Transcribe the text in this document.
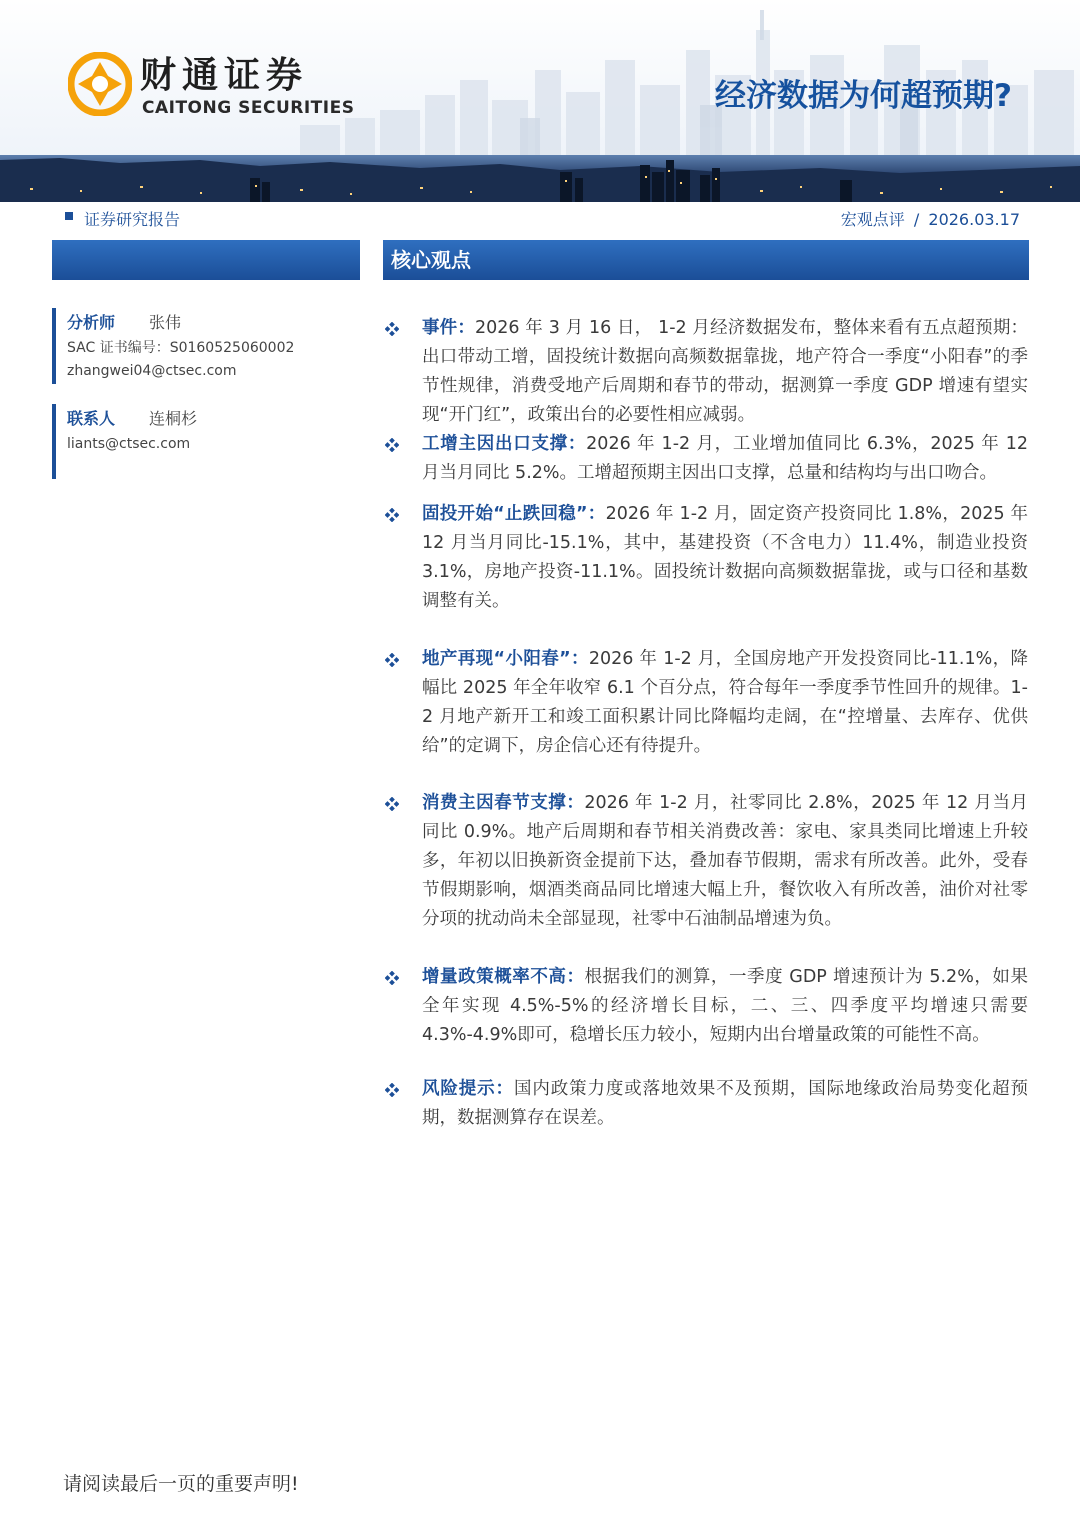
财通证券
CAITONG SECURITIES	经济数据为何超预期?
证券研究报告	宏观点评 / 2026.03.17
核心观点
分析师 张伟
SAC 证书编号：S0160525060002
zhangwei04@ctsec.com
联系人 连桐杉
liants@ctsec.com
事件：2026 年 3 月 16 日， 1-2 月经济数据发布，整体来看有五点超预期：出口带动工增，固投统计数据向高频数据靠拢，地产符合一季度“小阳春”的季节性规律，消费受地产后周期和春节的带动，据测算一季度 GDP 增速有望实现“开门红”，政策出台的必要性相应减弱。
工增主因出口支撑：2026 年 1-2 月，工业增加值同比 6.3%，2025 年 12 月当月同比 5.2%。工增超预期主因出口支撑，总量和结构均与出口吻合。
固投开始“止跌回稳”：2026 年 1-2 月，固定资产投资同比 1.8%，2025 年 12 月当月同比-15.1%，其中，基建投资（不含电力）11.4%，制造业投资 3.1%，房地产投资-11.1%。固投统计数据向高频数据靠拢，或与口径和基数调整有关。
地产再现“小阳春”：2026 年 1-2 月，全国房地产开发投资同比-11.1%，降幅比 2025 年全年收窄 6.1 个百分点，符合每年一季度季节性回升的规律。1-2 月地产新开工和竣工面积累计同比降幅均走阔，在“控增量、去库存、优供给”的定调下，房企信心还有待提升。
消费主因春节支撑：2026 年 1-2 月，社零同比 2.8%，2025 年 12 月当月同比 0.9%。地产后周期和春节相关消费改善：家电、家具类同比增速上升较多，年初以旧换新资金提前下达，叠加春节假期，需求有所改善。此外，受春节假期影响，烟酒类商品同比增速大幅上升，餐饮收入有所改善，油价对社零分项的扰动尚未全部显现，社零中石油制品增速为负。
增量政策概率不高：根据我们的测算，一季度 GDP 增速预计为 5.2%，如果全年实现 4.5%-5%的经济增长目标，二、三、四季度平均增速只需要 4.3%-4.9%即可，稳增长压力较小，短期内出台增量政策的可能性不高。
风险提示：国内政策力度或落地效果不及预期，国际地缘政治局势变化超预期，数据测算存在误差。
请阅读最后一页的重要声明!
